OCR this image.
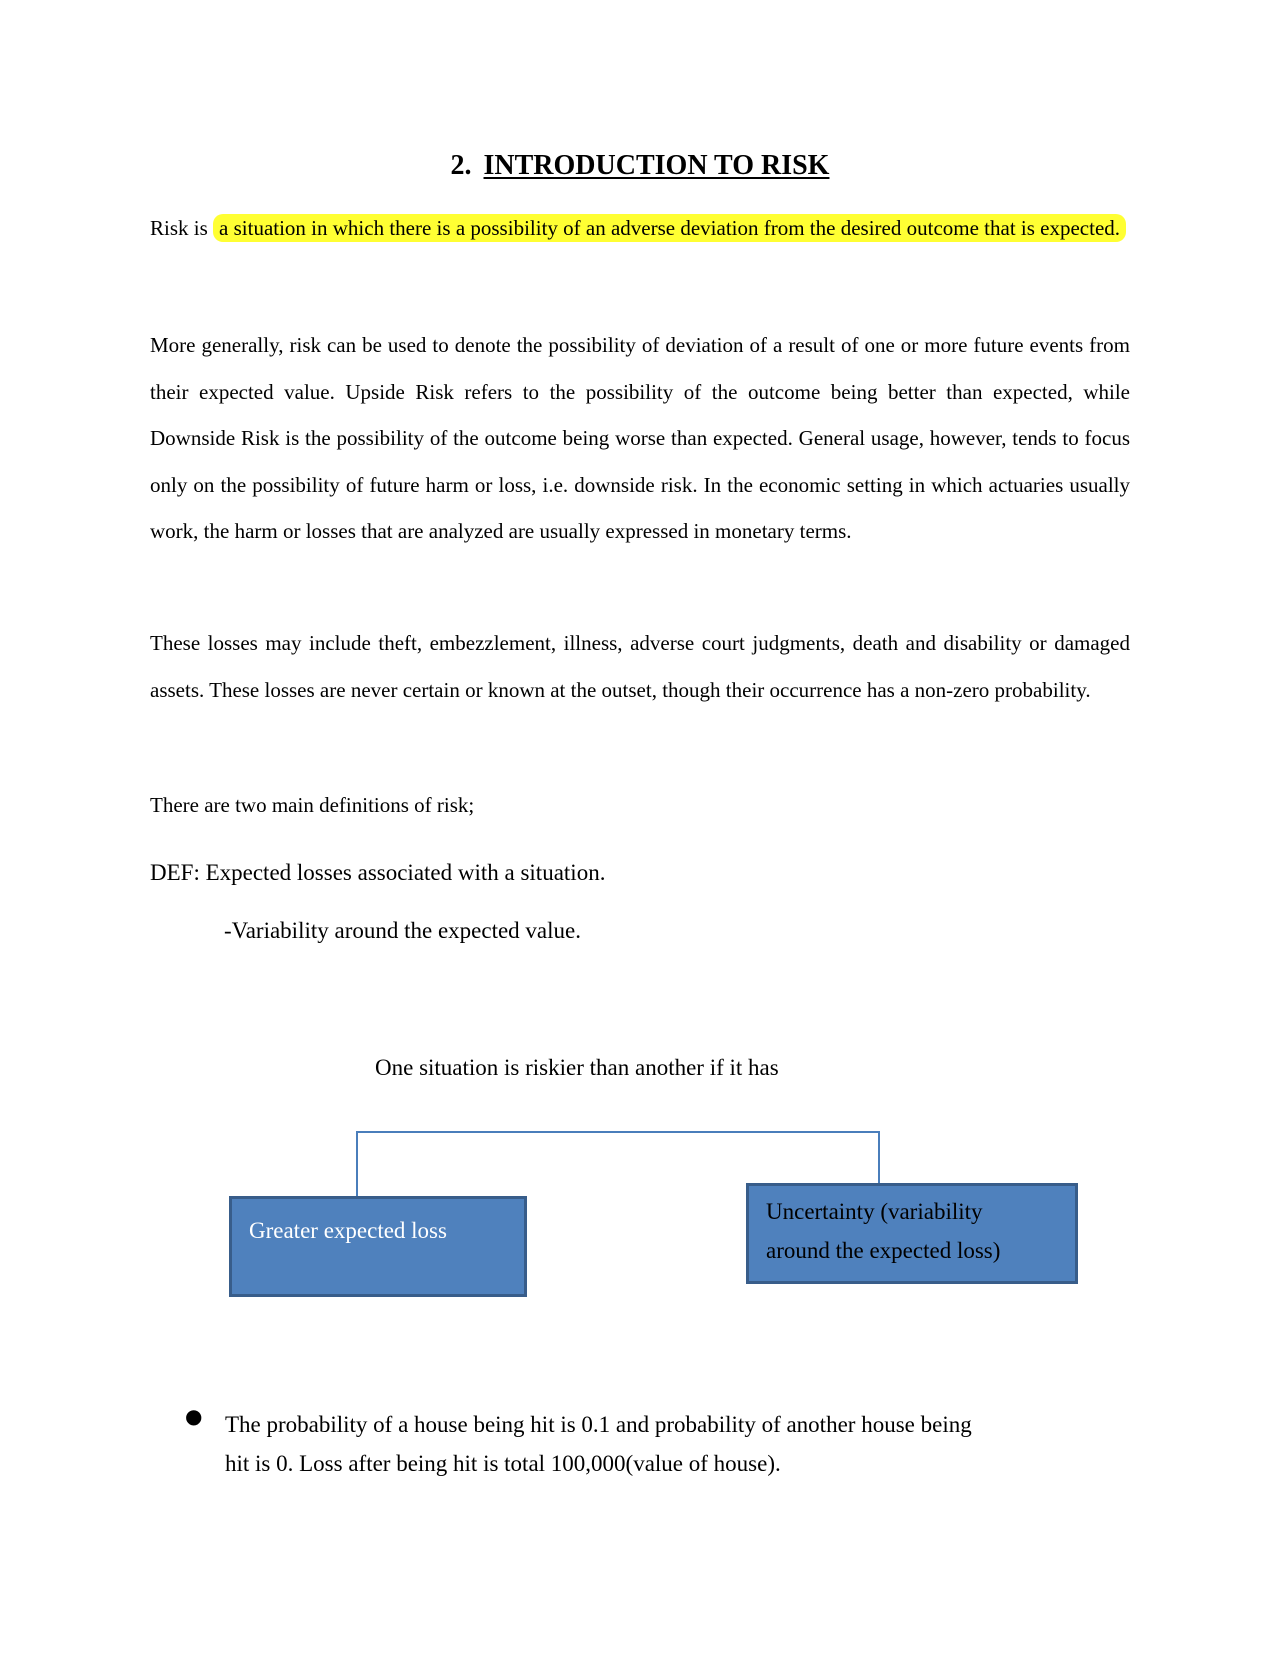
2. INTRODUCTION TO RISK

Risk is a situation in which there is a possibility of an adverse deviation from the desired outcome that is expected.

More generally, risk can be used to denote the possibility of deviation of a result of one or more future events from their expected value. Upside Risk refers to the possibility of the outcome being better than expected, while Downside Risk is the possibility of the outcome being worse than expected. General usage, however, tends to focus only on the possibility of future harm or loss, i.e. downside risk. In the economic setting in which actuaries usually work, the harm or losses that are analyzed are usually expressed in monetary terms.

These losses may include theft, embezzlement, illness, adverse court judgments, death and disability or damaged assets. These losses are never certain or known at the outset, though their occurrence has a non-zero probability.

There are two main definitions of risk;

DEF: Expected losses associated with a situation.

-Variability around the expected value.

One situation is riskier than another if it has
Greater expected loss
Uncertainty (variability
around the expected loss)
● The probability of a house being hit is 0.1 and probability of another house being
hit is 0. Loss after being hit is total 100,000(value of house).
